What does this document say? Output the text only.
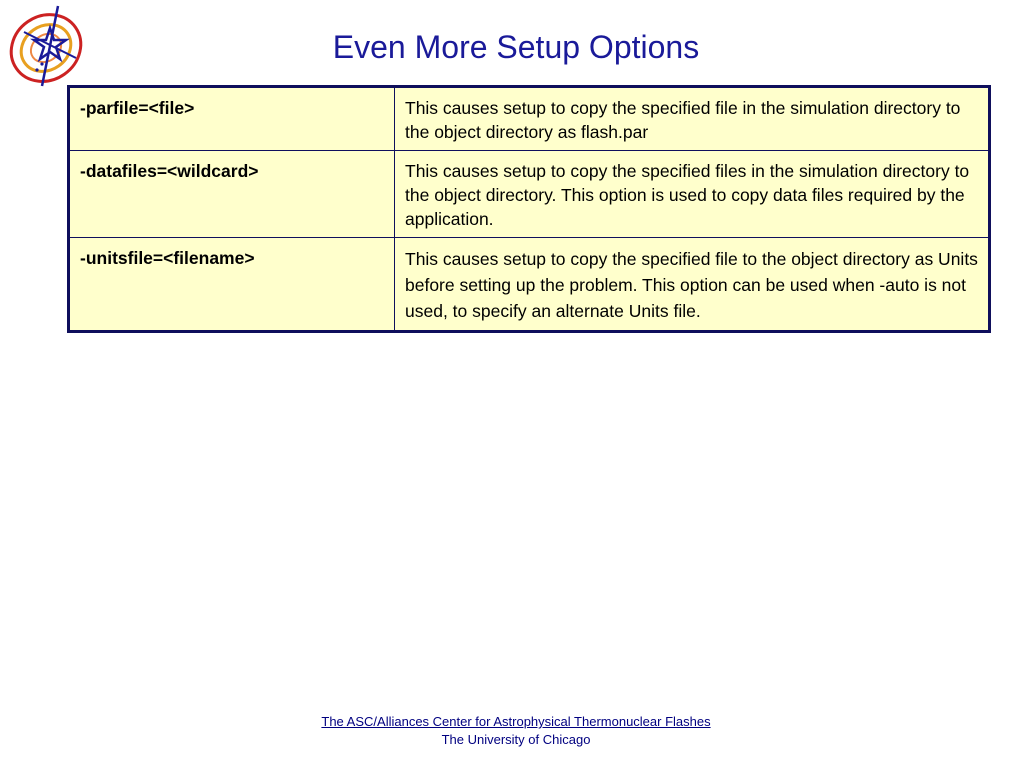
Even More Setup Options
-parfile=<file>	This causes setup to copy the specified file in the simulation directory to the object directory as flash.par
-datafiles=<wildcard>	This causes setup to copy the specified files in the simulation directory to the object directory. This option is used to copy data files required by the application.
-unitsfile=<filename>	This causes setup to copy the specified file to the object directory as Units before setting up the problem. This option can be used when -auto is not used, to specify an alternate Units file.
The ASC/Alliances Center for Astrophysical Thermonuclear Flashes
The University of Chicago
